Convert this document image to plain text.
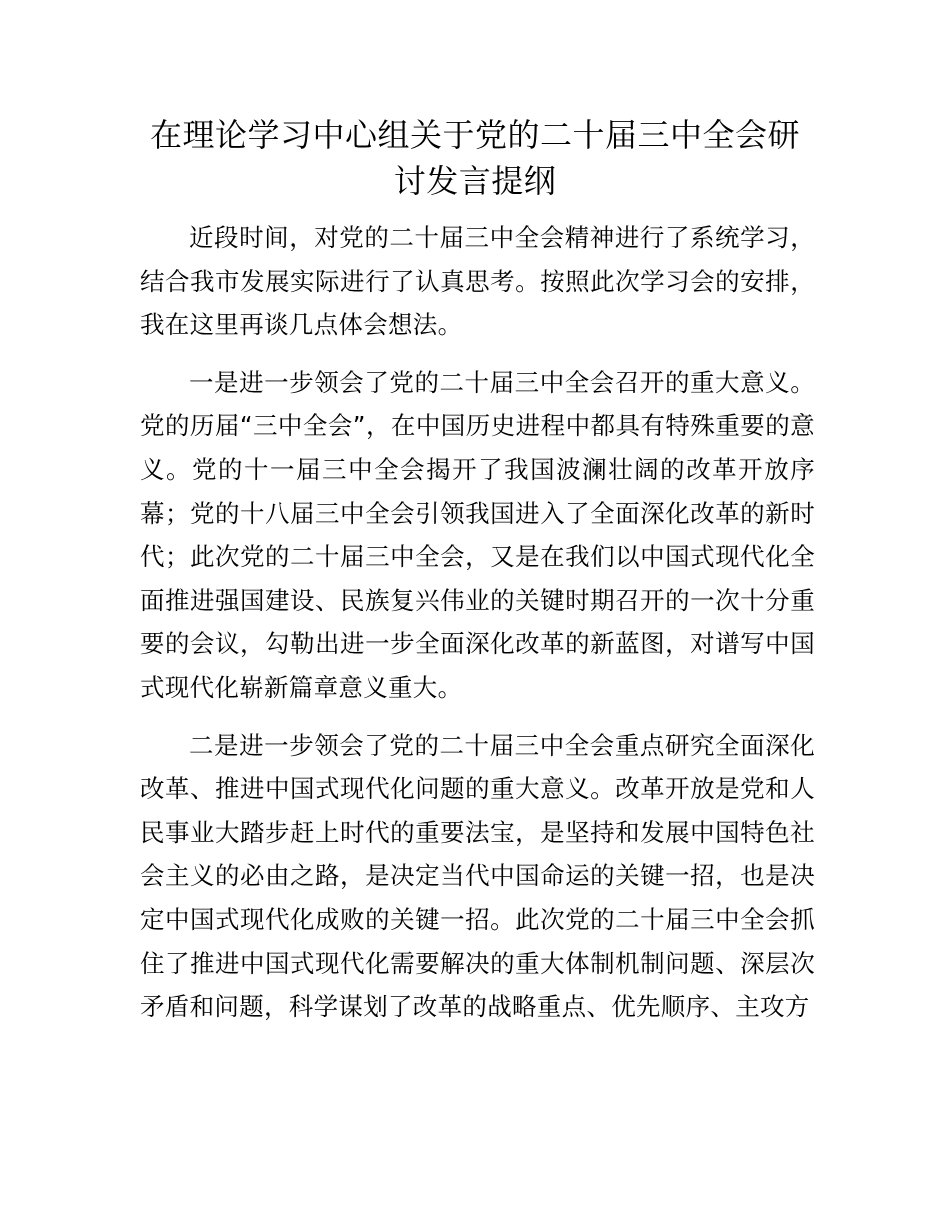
在理论学习中心组关于党的二十届三中全会研讨发言提纲

近段时间，对党的二十届三中全会精神进行了系统学习，结合我市发展实际进行了认真思考。按照此次学习会的安排，我在这里再谈几点体会想法。

一是进一步领会了党的二十届三中全会召开的重大意义。党的历届“三中全会”，在中国历史进程中都具有特殊重要的意义。党的十一届三中全会揭开了我国波澜壮阔的改革开放序幕；党的十八届三中全会引领我国进入了全面深化改革的新时代；此次党的二十届三中全会，又是在我们以中国式现代化全面推进强国建设、民族复兴伟业的关键时期召开的一次十分重要的会议，勾勒出进一步全面深化改革的新蓝图，对谱写中国式现代化崭新篇章意义重大。

二是进一步领会了党的二十届三中全会重点研究全面深化改革、推进中国式现代化问题的重大意义。改革开放是党和人民事业大踏步赶上时代的重要法宝，是坚持和发展中国特色社会主义的必由之路，是决定当代中国命运的关键一招，也是决定中国式现代化成败的关键一招。此次党的二十届三中全会抓住了推进中国式现代化需要解决的重大体制机制问题、深层次矛盾和问题，科学谋划了改革的战略重点、优先顺序、主攻方
